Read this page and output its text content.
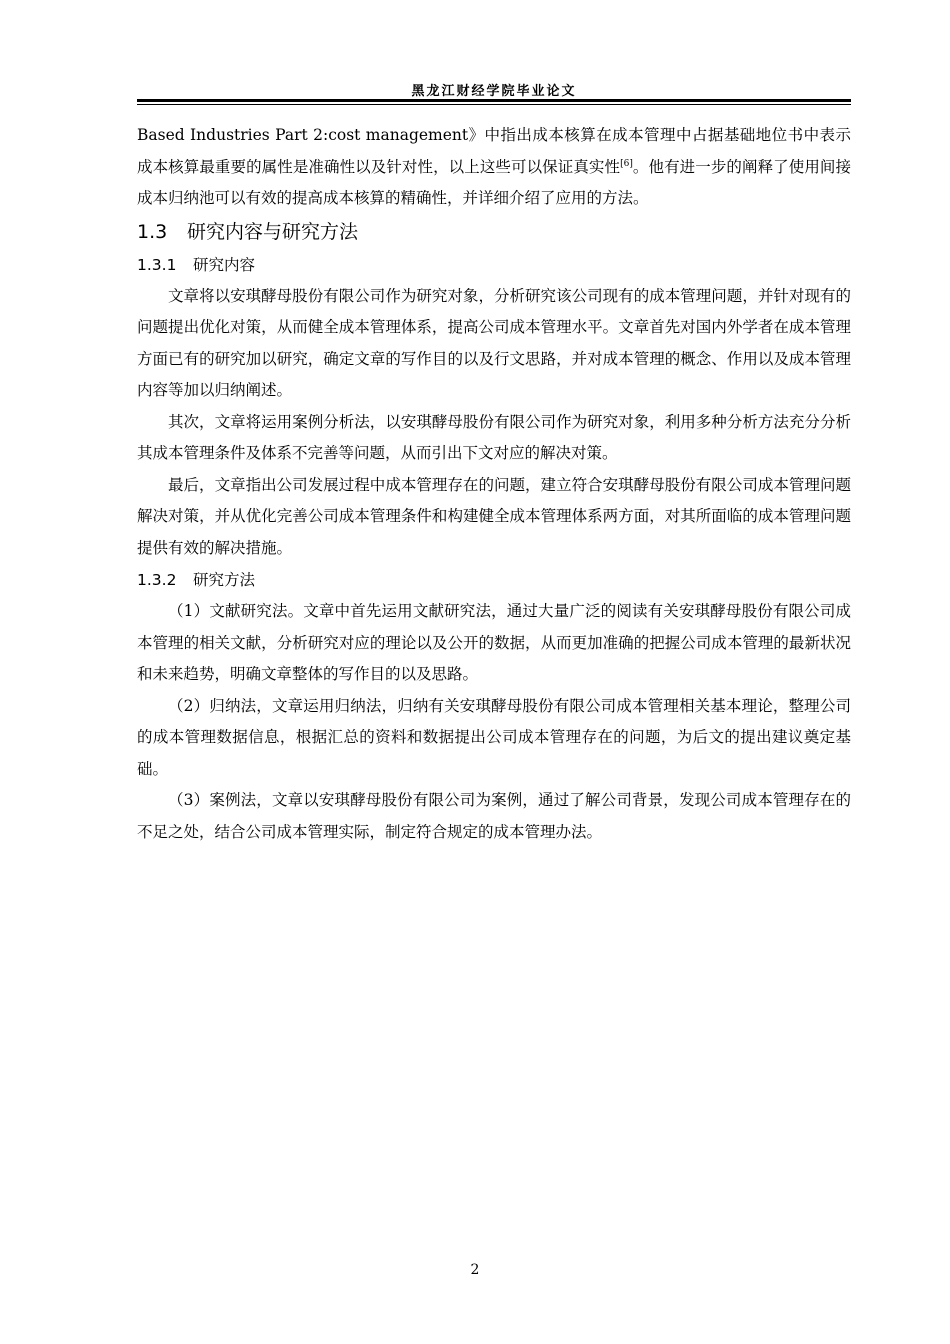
黑龙江财经学院毕业论文

Based Industries Part 2:cost management》中指出成本核算在成本管理中占据基础地位书中表示成本核算最重要的属性是准确性以及针对性，以上这些可以保证真实性[6]。他有进一步的阐释了使用间接成本归纳池可以有效的提高成本核算的精确性，并详细介绍了应用的方法。

1.3 研究内容与研究方法
1.3.1 研究内容

文章将以安琪酵母股份有限公司作为研究对象，分析研究该公司现有的成本管理问题，并针对现有的问题提出优化对策，从而健全成本管理体系，提高公司成本管理水平。文章首先对国内外学者在成本管理方面已有的研究加以研究，确定文章的写作目的以及行文思路，并对成本管理的概念、作用以及成本管理内容等加以归纳阐述。

其次，文章将运用案例分析法，以安琪酵母股份有限公司作为研究对象，利用多种分析方法充分分析其成本管理条件及体系不完善等问题，从而引出下文对应的解决对策。

最后，文章指出公司发展过程中成本管理存在的问题，建立符合安琪酵母股份有限公司成本管理问题解决对策，并从优化完善公司成本管理条件和构建健全成本管理体系两方面，对其所面临的成本管理问题提供有效的解决措施。

1.3.2 研究方法

（1）文献研究法。文章中首先运用文献研究法，通过大量广泛的阅读有关安琪酵母股份有限公司成本管理的相关文献，分析研究对应的理论以及公开的数据，从而更加准确的把握公司成本管理的最新状况和未来趋势，明确文章整体的写作目的以及思路。

（2）归纳法，文章运用归纳法，归纳有关安琪酵母股份有限公司成本管理相关基本理论，整理公司的成本管理数据信息，根据汇总的资料和数据提出公司成本管理存在的问题，为后文的提出建议奠定基础。

（3）案例法，文章以安琪酵母股份有限公司为案例，通过了解公司背景，发现公司成本管理存在的不足之处，结合公司成本管理实际，制定符合规定的成本管理办法。

2
